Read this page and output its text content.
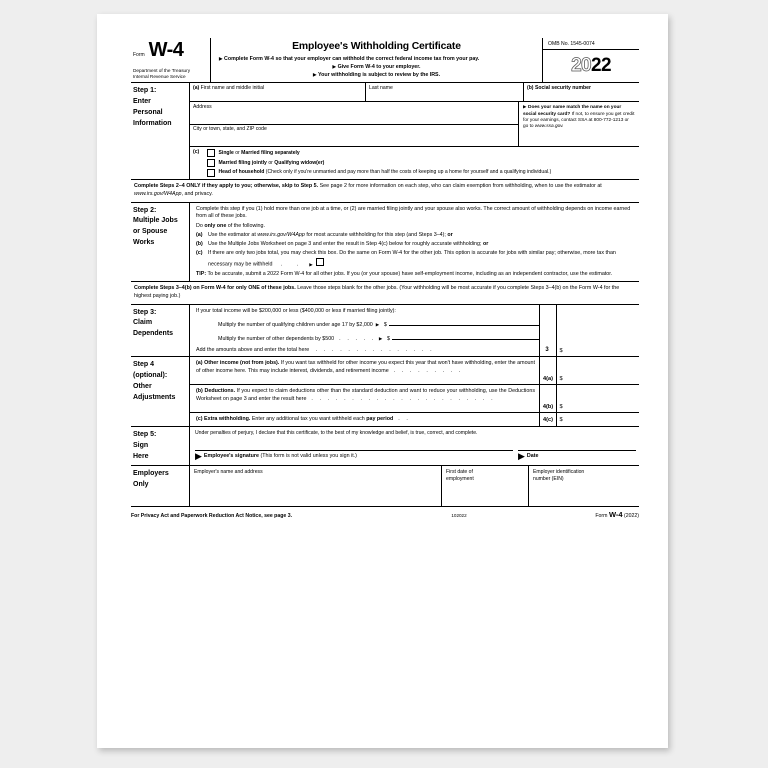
Form W-4
Department of the Treasury
Internal Revenue Service
Employee's Withholding Certificate
▶ Complete Form W-4 so that your employer can withhold the correct federal income tax from your pay.
▶ Give Form W-4 to your employer.
▶ Your withholding is subject to review by the IRS.
OMB No. 1545-0074
20 22
Step 1:
Enter
Personal
Information
(a) First name and middle initial	Last name	(b) Social security number
Address
City or town, state, and ZIP code
▶ Does your name match the name on your social security card? If not, to ensure you get credit for your earnings, contact SSA at 800-772-1213 or go to www.ssa.gov.
(c)	Single or Married filing separately
Married filing jointly or Qualifying widow(er)
Head of household (Check only if you're unmarried and pay more than half the costs of keeping up a home for yourself and a qualifying individual.)
Complete Steps 2–4 ONLY if they apply to you; otherwise, skip to Step 5. See page 2 for more information on each step, who can claim exemption from withholding, when to use the estimator at www.irs.gov/W4App, and privacy.
Step 2:
Multiple Jobs
or Spouse
Works
Complete this step if you (1) hold more than one job at a time, or (2) are married filing jointly and your spouse also works. The correct amount of withholding depends on income earned from all of these jobs.
Do only one of the following.
(a)	Use the estimator at www.irs.gov/W4App for most accurate withholding for this step (and Steps 3–4); or
(b) Use the Multiple Jobs Worksheet on page 3 and enter the result in Step 4(c) below for roughly accurate withholding; or
(c)	If there are only two jobs total, you may check this box. Do the same on Form W-4 for the other job. This option is accurate for jobs with similar pay; otherwise, more tax than necessary may be withheld  .   .  ▶
TIP: To be accurate, submit a 2022 Form W-4 for all other jobs. If you (or your spouse) have self-employment income, including as an independent contractor, use the estimator.
Complete Steps 3–4(b) on Form W-4 for only ONE of these jobs. Leave those steps blank for the other jobs. (Your withholding will be most accurate if you complete Steps 3–4(b) on the Form W-4 for the highest paying job.)
Step 3:
Claim
Dependents
If your total income will be $200,000 or less ($400,000 or less if married filing jointly):
Multiply the number of qualifying children under age 17 by $2,000 ▶ $
Multiply the number of other dependents by $500 . . . . . ▶ $
Add the amounts above and enter the total here . . . . . . . . . . . . . . .	3	$
Step 4
(optional):
Other
Adjustments
(a) Other income (not from jobs). If you want tax withheld for other income you expect this year that won't have withholding, enter the amount of other income here. This may include interest, dividends, and retirement income . . . . . . . . .
4(a)	$
(b) Deductions. If you expect to claim deductions other than the standard deduction and want to reduce your withholding, use the Deductions Worksheet on page 3 and enter the result here . . . . . . . . . . . . . . . . . . . . . . .
4(b)	$
(c) Extra withholding. Enter any additional tax you want withheld each pay period . .	4(c)	$
Step 5:
Sign
Here
Under penalties of perjury, I declare that this certificate, to the best of my knowledge and belief, is true, correct, and complete.
▶ Employee's signature (This form is not valid unless you sign it.)	▶ Date
Employers
Only
Employer's name and address	First date of
employment
Employer identification
number (EIN)
For Privacy Act and Paperwork Reduction Act Notice, see page 3.	102022	Form W-4 (2022)
